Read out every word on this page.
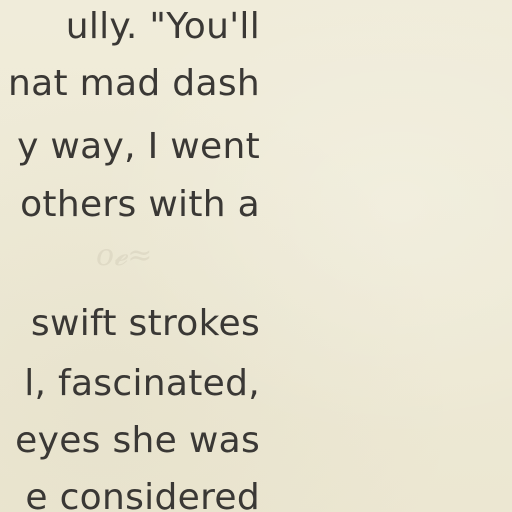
o𝓮≈
ully. "You'll
nat mad dash
y way, I went
others with a
swift strokes
l, fascinated,
eyes she was
e considered
